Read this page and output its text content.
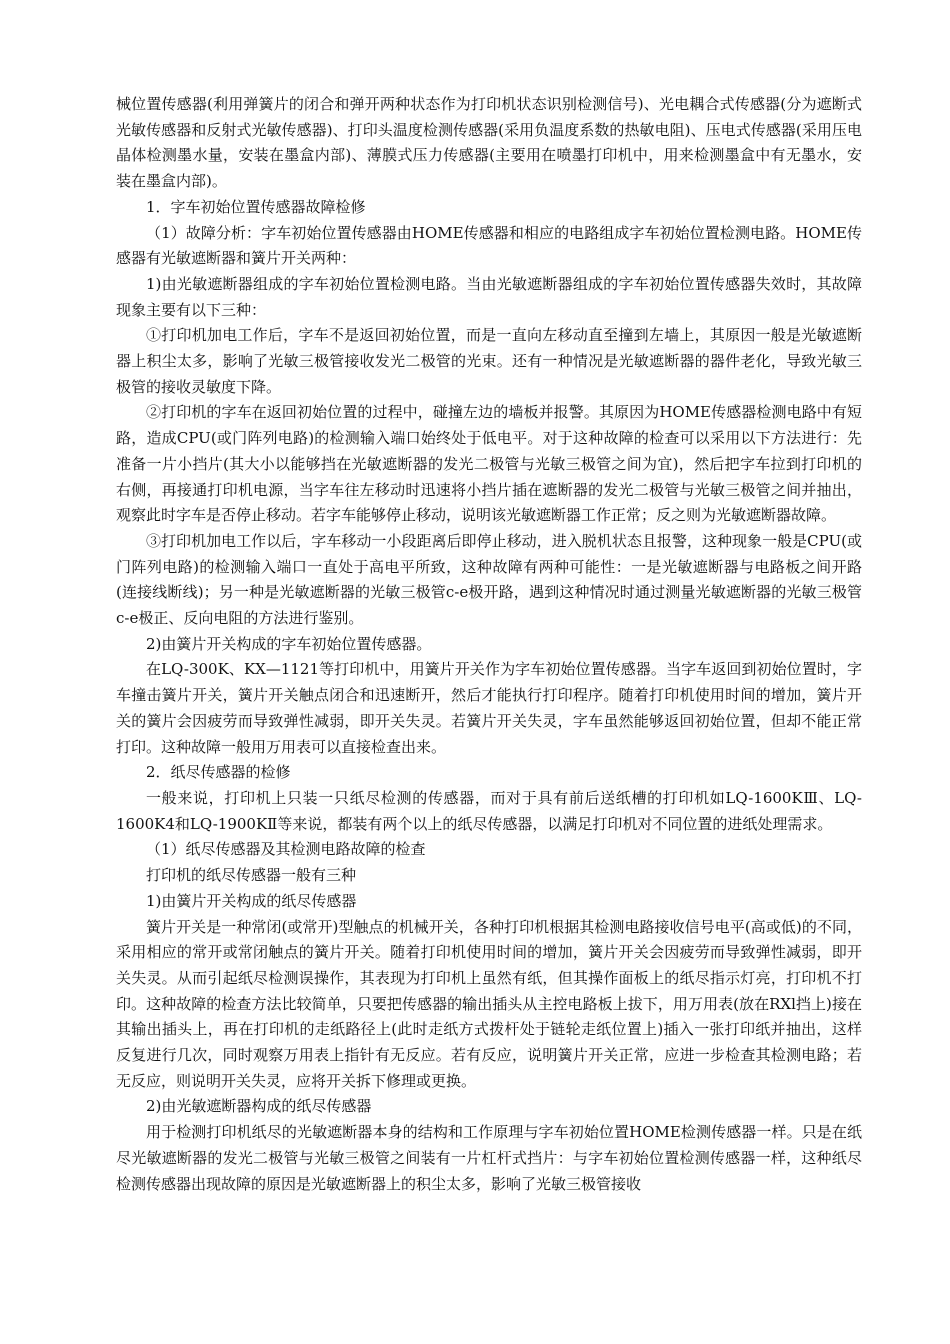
械位置传感器(利用弹簧片的闭合和弹开两种状态作为打印机状态识别检测信号)、光电耦合式传感器(分为遮断式光敏传感器和反射式光敏传感器)、打印头温度检测传感器(采用负温度系数的热敏电阻)、压电式传感器(采用压电晶体检测墨水量，安装在墨盒内部)、薄膜式压力传感器(主要用在喷墨打印机中，用来检测墨盒中有无墨水，安装在墨盒内部)。

1．字车初始位置传感器故障检修

（1）故障分析：字车初始位置传感器由HOME传感器和相应的电路组成字车初始位置检测电路。HOME传感器有光敏遮断器和簧片开关两种：

1)由光敏遮断器组成的字车初始位置检测电路。当由光敏遮断器组成的字车初始位置传感器失效时，其故障现象主要有以下三种：

①打印机加电工作后，字车不是返回初始位置，而是一直向左移动直至撞到左墙上，其原因一般是光敏遮断器上积尘太多，影响了光敏三极管接收发光二极管的光束。还有一种情况是光敏遮断器的器件老化，导致光敏三极管的接收灵敏度下降。

②打印机的字车在返回初始位置的过程中，碰撞左边的墙板并报警。其原因为HOME传感器检测电路中有短路，造成CPU(或门阵列电路)的检测输入端口始终处于低电平。对于这种故障的检查可以采用以下方法进行：先准备一片小挡片(其大小以能够挡在光敏遮断器的发光二极管与光敏三极管之间为宜)，然后把字车拉到打印机的右侧，再接通打印机电源，当字车往左移动时迅速将小挡片插在遮断器的发光二极管与光敏三极管之间并抽出，观察此时字车是否停止移动。若字车能够停止移动，说明该光敏遮断器工作正常；反之则为光敏遮断器故障。

③打印机加电工作以后，字车移动一小段距离后即停止移动，进入脱机状态且报警，这种现象一般是CPU(或门阵列电路)的检测输入端口一直处于高电平所致，这种故障有两种可能性：一是光敏遮断器与电路板之间开路(连接线断线)；另一种是光敏遮断器的光敏三极管c-e极开路，遇到这种情况时通过测量光敏遮断器的光敏三极管c-e极正、反向电阻的方法进行鉴别。

2)由簧片开关构成的字车初始位置传感器。

在LQ-300K、KX—1121等打印机中，用簧片开关作为字车初始位置传感器。当字车返回到初始位置时，字车撞击簧片开关，簧片开关触点闭合和迅速断开，然后才能执行打印程序。随着打印机使用时间的增加，簧片开关的簧片会因疲劳而导致弹性减弱，即开关失灵。若簧片开关失灵，字车虽然能够返回初始位置，但却不能正常打印。这种故障一般用万用表可以直接检查出来。

2．纸尽传感器的检修

一般来说，打印机上只装一只纸尽检测的传感器，而对于具有前后送纸槽的打印机如LQ-1600KⅢ、LQ-1600K4和LQ-1900KⅡ等来说，都装有两个以上的纸尽传感器，以满足打印机对不同位置的进纸处理需求。

（1）纸尽传感器及其检测电路故障的检查

打印机的纸尽传感器一般有三种

1)由簧片开关构成的纸尽传感器

簧片开关是一种常闭(或常开)型触点的机械开关，各种打印机根据其检测电路接收信号电平(高或低)的不同，采用相应的常开或常闭触点的簧片开关。随着打印机使用时间的增加，簧片开关会因疲劳而导致弹性减弱，即开关失灵。从而引起纸尽检测误操作，其表现为打印机上虽然有纸，但其操作面板上的纸尽指示灯亮，打印机不打印。这种故障的检查方法比较简单，只要把传感器的输出插头从主控电路板上拔下，用万用表(放在RXl挡上)接在其输出插头上，再在打印机的走纸路径上(此时走纸方式拨杆处于链轮走纸位置上)插入一张打印纸并抽出，这样反复进行几次，同时观察万用表上指针有无反应。若有反应，说明簧片开关正常，应进一步检查其检测电路；若无反应，则说明开关失灵，应将开关拆下修理或更换。

2)由光敏遮断器构成的纸尽传感器

用于检测打印机纸尽的光敏遮断器本身的结构和工作原理与字车初始位置HOME检测传感器一样。只是在纸尽光敏遮断器的发光二极管与光敏三极管之间装有一片杠杆式挡片：与字车初始位置检测传感器一样，这种纸尽检测传感器出现故障的原因是光敏遮断器上的积尘太多，影响了光敏三极管接收
